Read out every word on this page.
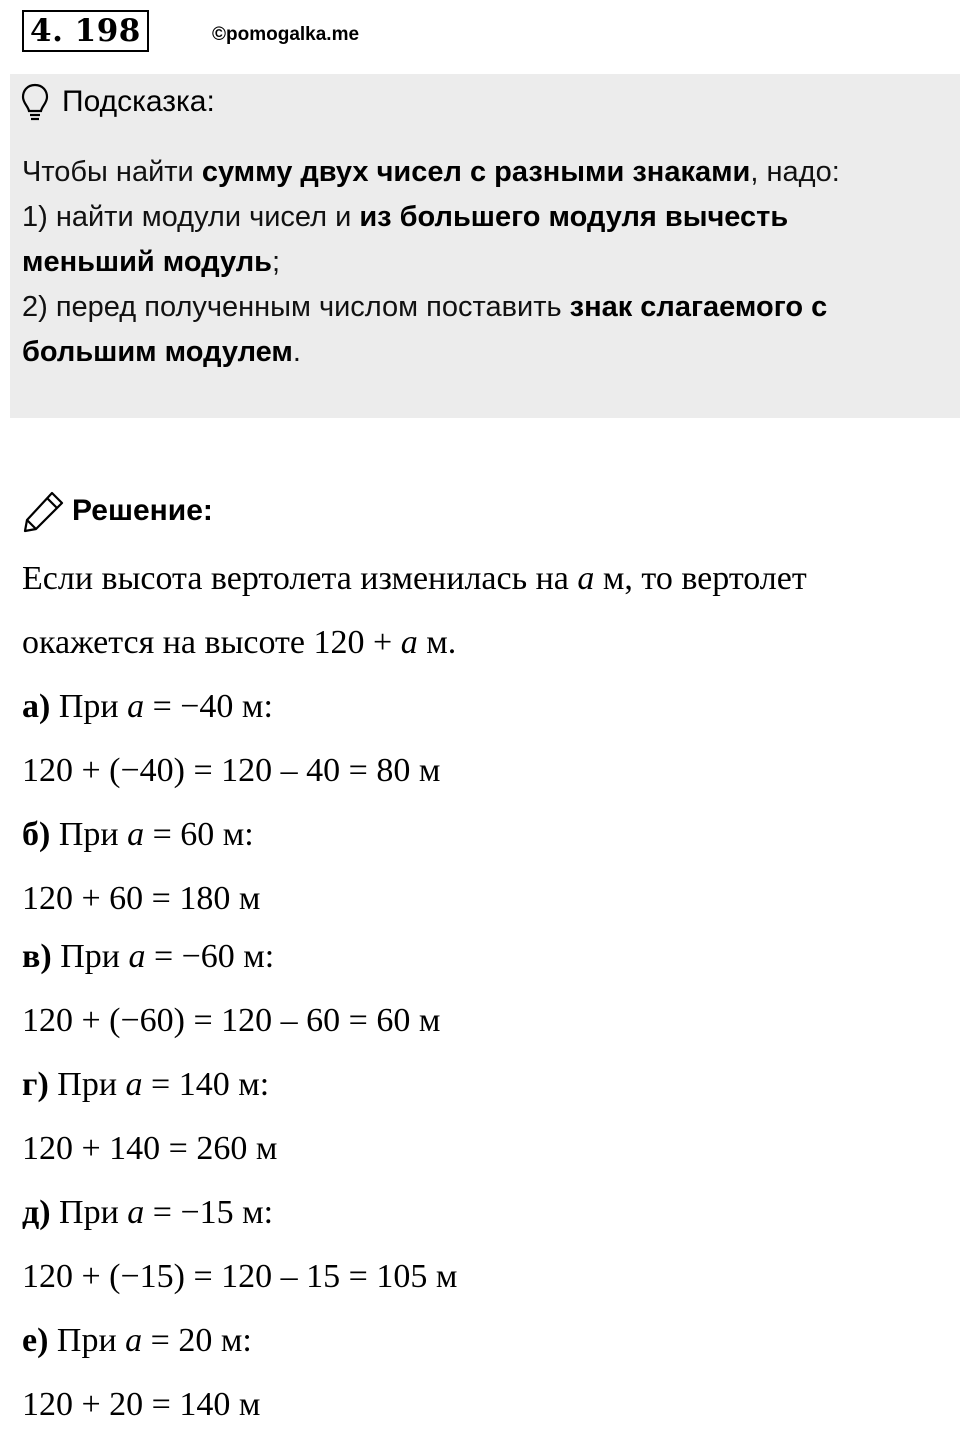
4. 198	©pomogalka.me
Подсказка:
Чтобы найти сумму двух чисел с разными знаками, надо:
1) найти модули чисел и из большего модуля вычесть
меньший модуль;
2) перед полученным числом поставить знак слагаемого с
большим модулем.
Решение:
Если высота вертолета изменилась на a м, то вертолет
окажется на высоте 120 + a м.
а) При a = −40 м:
120 + (−40) = 120 – 40 = 80 м
б) При a = 60 м:
120 + 60 = 180 м
в) При a = −60 м:
120 + (−60) = 120 – 60 = 60 м
г) При a = 140 м:
120 + 140 = 260 м
д) При a = −15 м:
120 + (−15) = 120 – 15 = 105 м
е) При a = 20 м:
120 + 20 = 140 м
